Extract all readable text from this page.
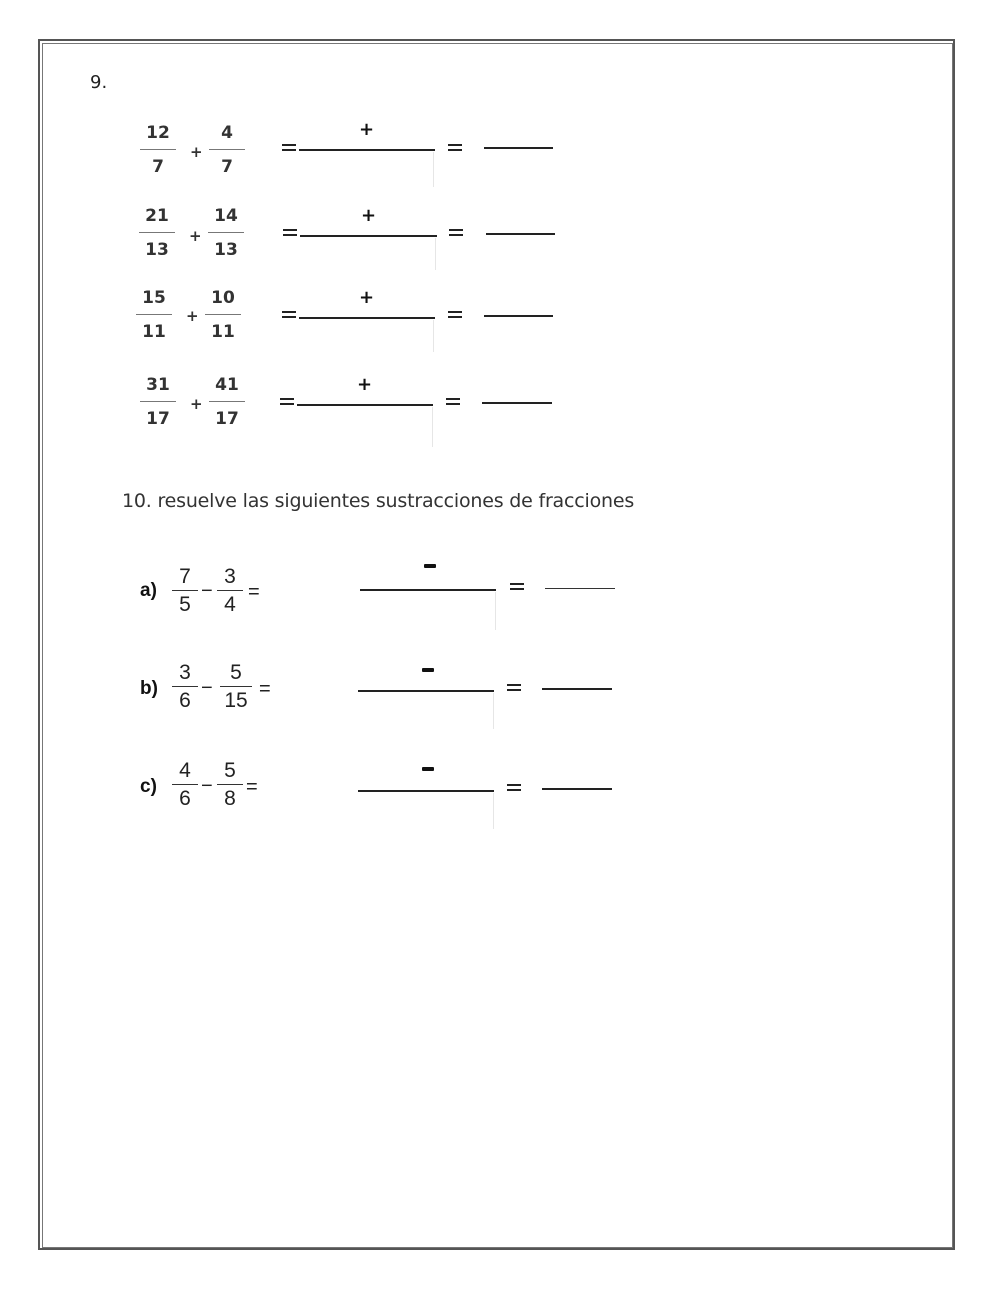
9.
12
7
+
4
7
+
21
13
+
14
13
+
15
11
+
10
11
+
31
17
+
41
17
+
10. resuelve las siguientes sustracciones de fracciones
a)
7
5
−
3
4
=
b)
3
6
−
5
15 =
c)
4
6
−
5
8 =
